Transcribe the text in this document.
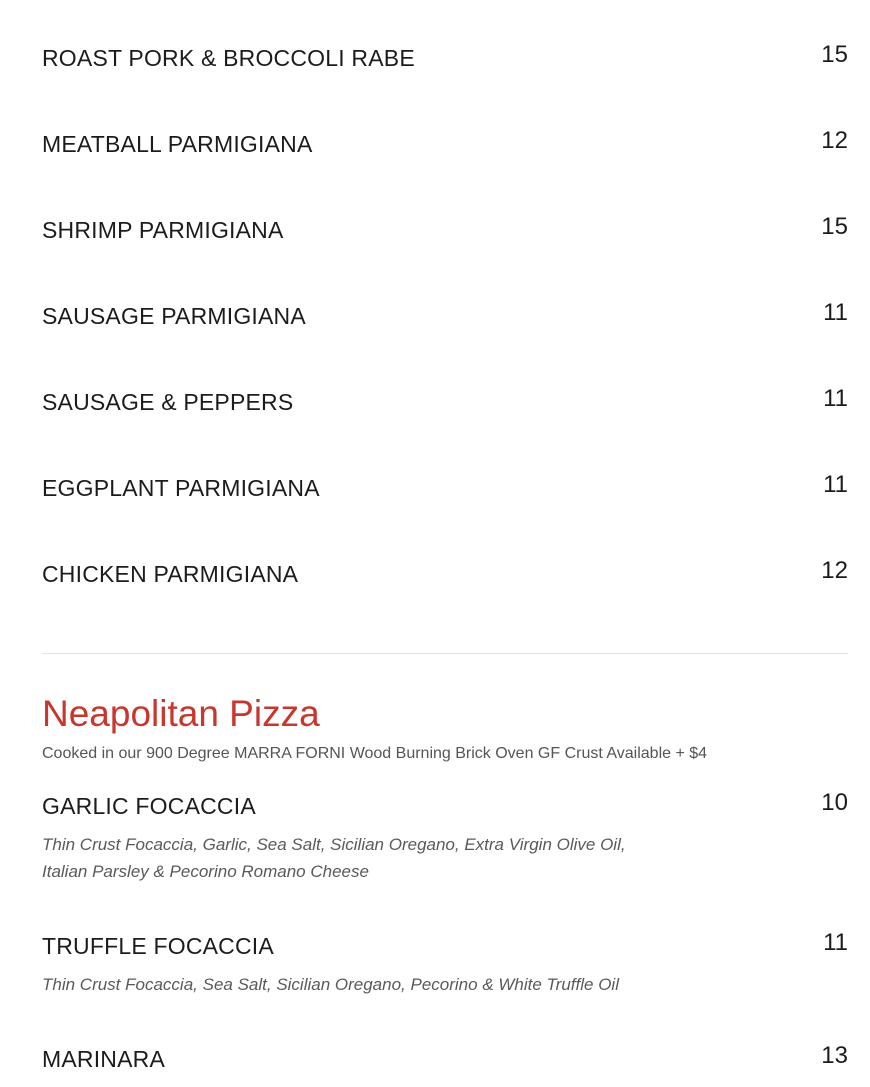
ROAST PORK & BROCCOLI RABE	15
MEATBALL PARMIGIANA	12
SHRIMP PARMIGIANA	15
SAUSAGE PARMIGIANA	11
SAUSAGE & PEPPERS	11
EGGPLANT PARMIGIANA	11
CHICKEN PARMIGIANA	12
Neapolitan Pizza
Cooked in our 900 Degree MARRA FORNI Wood Burning Brick Oven GF Crust Available + $4
GARLIC FOCACCIA	10
Thin Crust Focaccia, Garlic, Sea Salt, Sicilian Oregano, Extra Virgin Olive Oil, Italian Parsley & Pecorino Romano Cheese
TRUFFLE FOCACCIA	11
Thin Crust Focaccia, Sea Salt, Sicilian Oregano, Pecorino & White Truffle Oil
MARINARA	13
